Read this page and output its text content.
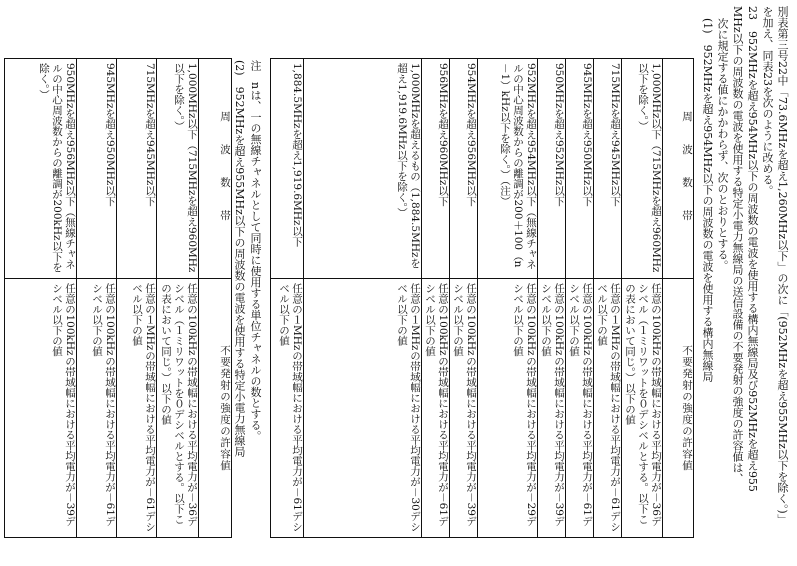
別表第三号22中「73.6MHzを超え1,260MHz以下」の次に「(952MHzを超え955MHz以下を除く。)」
を加え、同表23を次のように改める。
23　952MHzを超え954MHz以下の周波数の電波を使用する構内無線局及び952MHzを超え955
MHz以下の周波数の電波を使用する特定小電力無線局の送信設備の不要発射の強度の許容値は、
次に規定する値にかかわらず、次のとおりとする。
(1)　952MHzを超え954MHz以下の周波数の電波を使用する構内無線局
周　波　数　帯
不要発射の強度の許容値
1,000MHz以下（715MHzを超え960MHz以下を除く。）
任意の100kHzの帯域幅における平均電力が－36デシベル（１ミリワットを０デシベルとする。以下この表において同じ。）以下の値
715MHzを超え945MHz以下
任意の１MHzの帯域幅における平均電力が－61デシベル以下の値
945MHzを超え950MHz以下
任意の100kHzの帯域幅における平均電力が－61デシベル以下の値
950MHzを超え952MHz以下
任意の100kHzの帯域幅における平均電力が－39デシベル以下の値
952MHzを超え954MHz以下（無線チャネルの中心周波数からの離調が200＋100（n－1）kHz以下を除く。）（注）
任意の100kHzの帯域幅における平均電力が－29デシベル以下の値
954MHzを超え956MHz以下
任意の100kHzの帯域幅における平均電力が－39デシベル以下の値
956MHzを超え960MHz以下
任意の100kHzの帯域幅における平均電力が－61デシベル以下の値
1,000MHzを超えるもの（1,884.5MHzを超え1,919.6MHz以下を除く。）
任意の１MHzの帯域幅における平均電力が－30デシベル以下の値
1,884.5MHzを超え1,919.6MHz以下
任意の１MHzの帯域幅における平均電力が－61デシベル以下の値
注　nは、一の無線チャネルとして同時に使用する単位チャネルの数とする。
(2)　952MHzを超え955MHz以下の周波数の電波を使用する特定小電力無線局
周　波　数　帯
不要発射の強度の許容値
1,000MHz以下（715MHzを超え960MHz以下を除く。）
任意の100kHzの帯域幅における平均電力が－36デシベル（１ミリワットを０デシベルとする。以下この表において同じ。）以下の値
715MHzを超え945MHz以下
任意の１MHzの帯域幅における平均電力が－61デシベル以下の値
945MHzを超え950MHz以下
任意の100kHzの帯域幅における平均電力が－61デシベル以下の値
950MHzを超え956MHz以下（無線チャネルの中心周波数からの離調が200kHz以下を除く。）
任意の100kHzの帯域幅における平均電力が－39デシベル以下の値
